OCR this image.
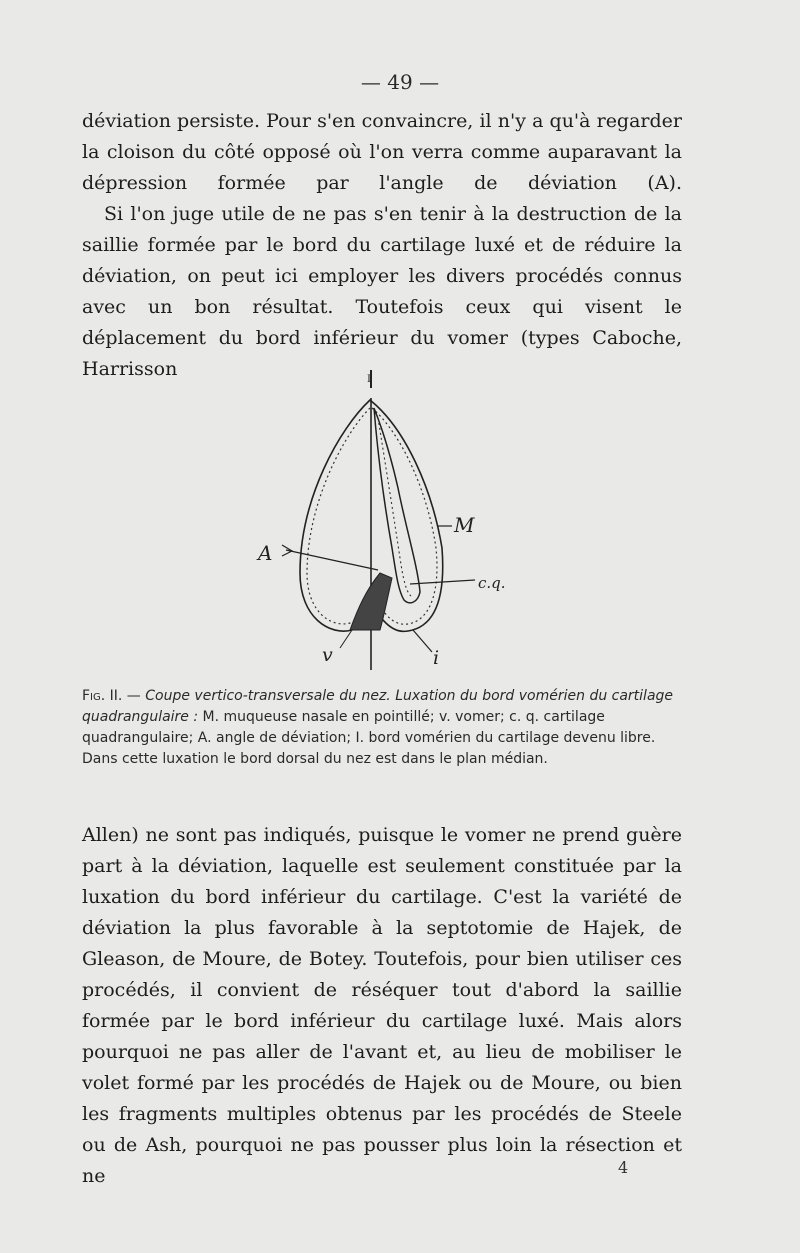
— 49 —

déviation persiste. Pour s'en convaincre, il n'y a qu'à regarder la cloison du côté opposé où l'on verra comme auparavant la dépression formée par l'angle de déviation (A).

Si l'on juge utile de ne pas s'en tenir à la destruction de la saillie formée par le bord du cartilage luxé et de réduire la déviation, on peut ici employer les divers procédés connus avec un bon résultat. Toutefois ceux qui visent le déplacement du bord inférieur du vomer (types Caboche, Harrisson

A
M
c.q.
v	i
I

Fig. II. — Coupe vertico-transversale du nez. Luxation du bord vomérien du cartilage quadrangulaire : M. muqueuse nasale en pointillé; v. vomer; c. q. cartilage quadrangulaire; A. angle de déviation; I. bord vomérien du cartilage devenu libre. Dans cette luxation le bord dorsal du nez est dans le plan médian.

Allen) ne sont pas indiqués, puisque le vomer ne prend guère part à la déviation, laquelle est seulement constituée par la luxation du bord inférieur du cartilage. C'est la variété de déviation la plus favorable à la septotomie de Hajek, de Gleason, de Moure, de Botey. Toutefois, pour bien utiliser ces procédés, il convient de réséquer tout d'abord la saillie formée par le bord inférieur du cartilage luxé. Mais alors pourquoi ne pas aller de l'avant et, au lieu de mobiliser le volet formé par les procédés de Hajek ou de Moure, ou bien les fragments multiples obtenus par les procédés de Steele ou de Ash, pourquoi ne pas pousser plus loin la résection et ne	4
